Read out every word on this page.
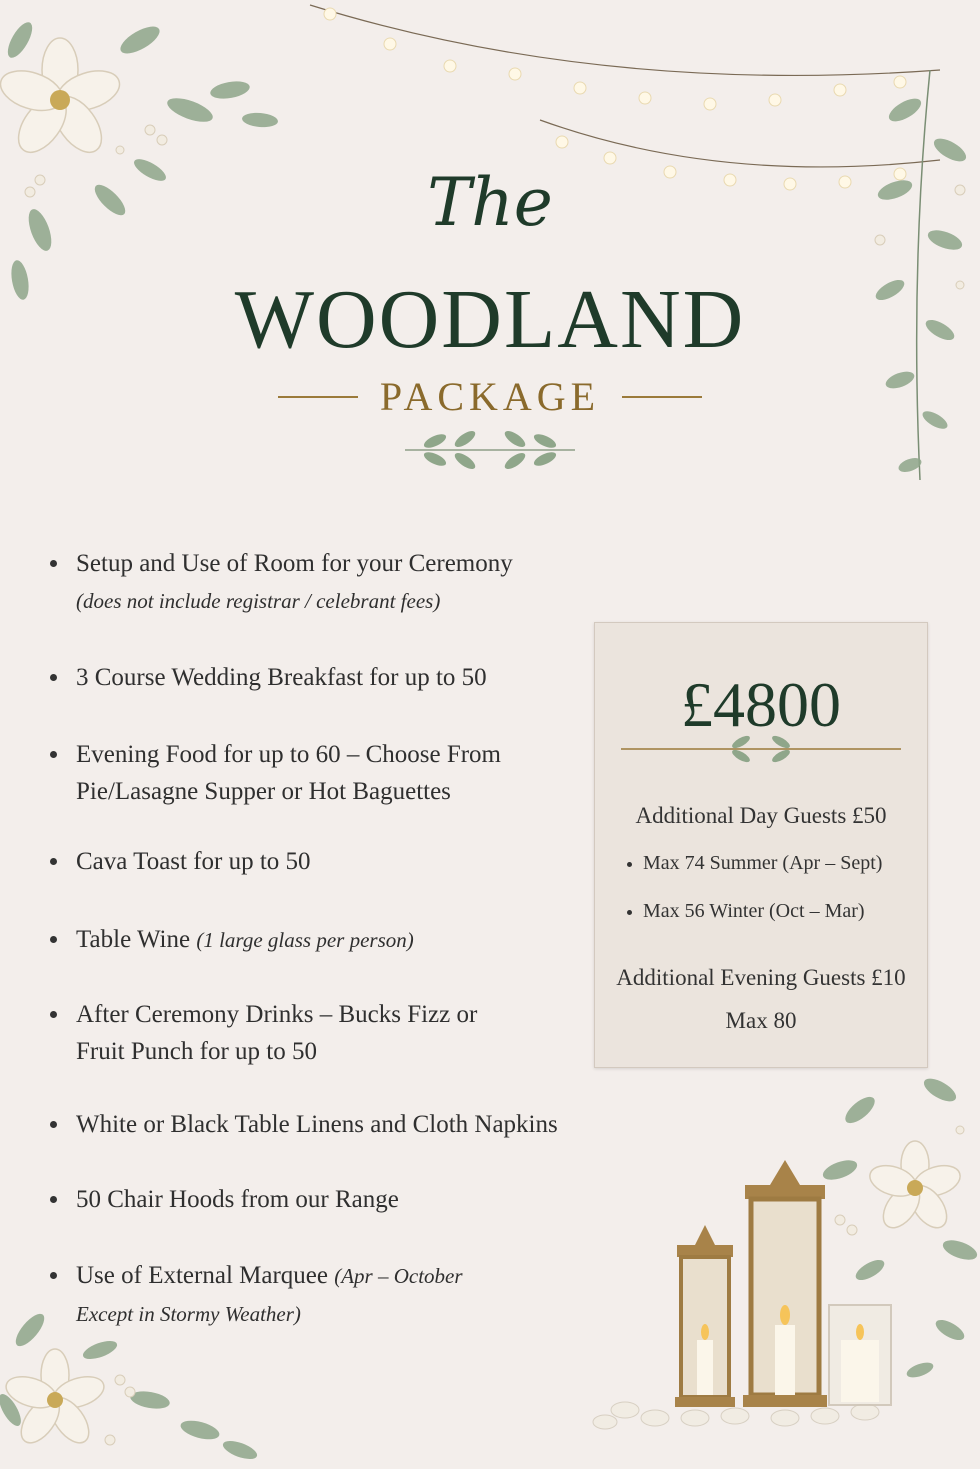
The
WOODLAND
PACKAGE
Setup and Use of Room for your Ceremony
(does not include registrar / celebrant fees)
3 Course Wedding Breakfast for up to 50
Evening Food for up to 60 – Choose From Pie/Lasagne Supper or Hot Baguettes
Cava Toast for up to 50
Table Wine (1 large glass per person)
After Ceremony Drinks – Bucks Fizz or Fruit Punch for up to 50
White or Black Table Linens and Cloth Napkins
50 Chair Hoods from our Range
Use of External Marquee (Apr – October Except in Stormy Weather)
£4800
Additional Day Guests £50
Max 74 Summer (Apr – Sept)
Max 56 Winter (Oct – Mar)
Additional Evening Guests £10
Max 80
